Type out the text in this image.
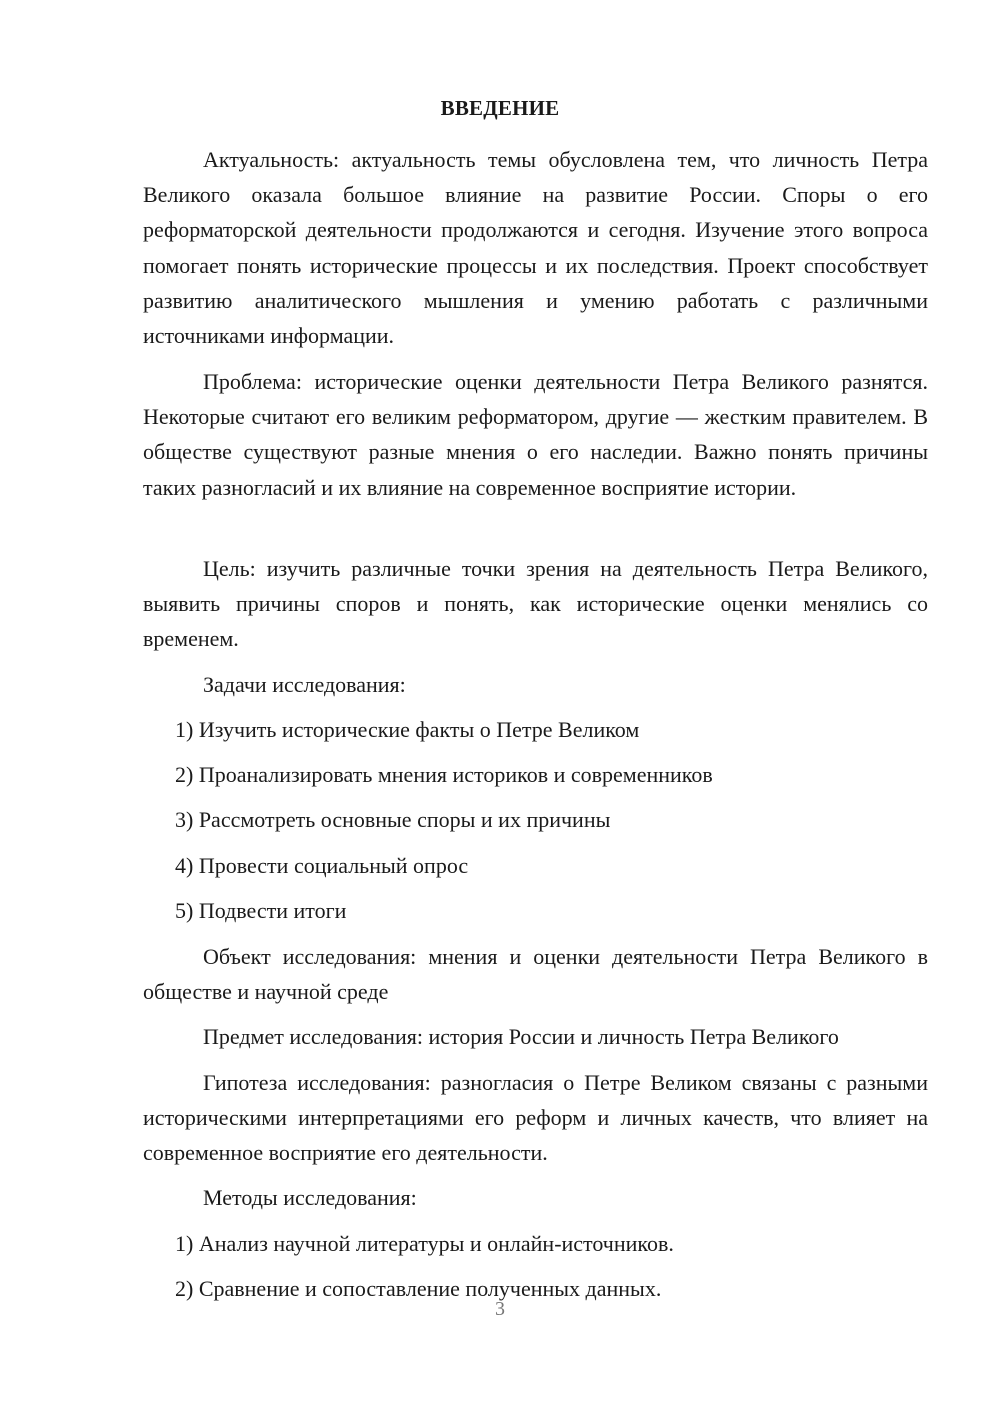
ВВЕДЕНИЕ

Актуальность: актуальность темы обусловлена тем, что личность Петра Великого оказала большое влияние на развитие России. Споры о его реформаторской деятельности продолжаются и сегодня. Изучение этого вопроса помогает понять исторические процессы и их последствия. Проект способствует развитию аналитического мышления и умению работать с различными источниками информации.

Проблема: исторические оценки деятельности Петра Великого разнятся. Некоторые считают его великим реформатором, другие — жестким правителем. В обществе существуют разные мнения о его наследии. Важно понять причины таких разногласий и их влияние на современное восприятие истории.

Цель: изучить различные точки зрения на деятельность Петра Великого, выявить причины споров и понять, как исторические оценки менялись со временем.

Задачи исследования:
1) Изучить исторические факты о Петре Великом
2) Проанализировать мнения историков и современников
3) Рассмотреть основные споры и их причины
4) Провести социальный опрос
5) Подвести итоги

Объект исследования: мнения и оценки деятельности Петра Великого в обществе и научной среде

Предмет исследования: история России и личность Петра Великого

Гипотеза исследования: разногласия о Петре Великом связаны с разными историческими интерпретациями его реформ и личных качеств, что влияет на современное восприятие его деятельности.

Методы исследования:
1) Анализ научной литературы и онлайн-источников.
2) Сравнение и сопоставление полученных данных.
3
